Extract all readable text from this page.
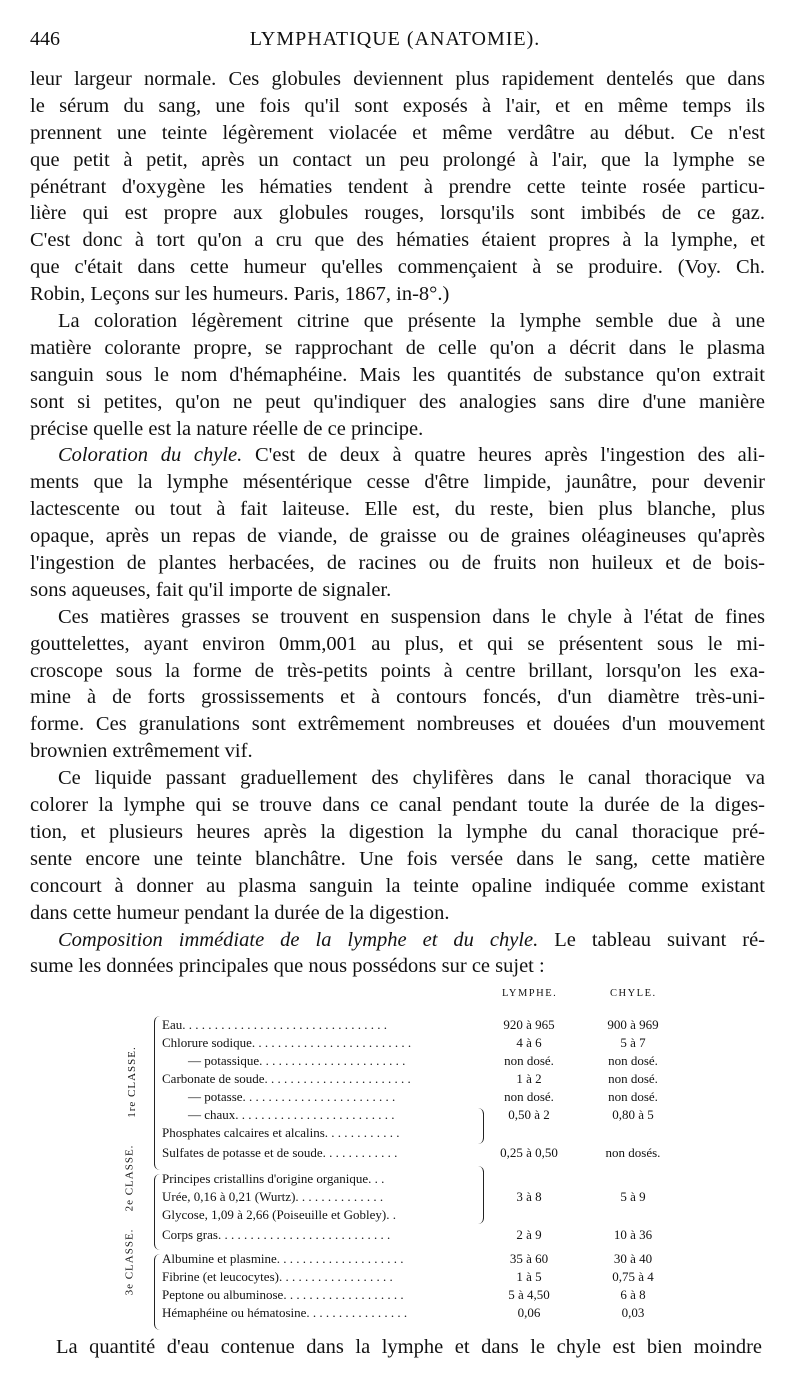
446	LYMPHATIQUE (ANATOMIE).
leur largeur normale. Ces globules deviennent plus rapidement dentelés que dans
le sérum du sang, une fois qu'il sont exposés à l'air, et en même temps ils
prennent une teinte légèrement violacée et même verdâtre au début. Ce n'est
que petit à petit, après un contact un peu prolongé à l'air, que la lymphe se
pénétrant d'oxygène les hématies tendent à prendre cette teinte rosée particu-
lière qui est propre aux globules rouges, lorsqu'ils sont imbibés de ce gaz.
C'est donc à tort qu'on a cru que des hématies étaient propres à la lymphe, et
que c'était dans cette humeur qu'elles commençaient à se produire. (Voy. Ch.
Robin, Leçons sur les humeurs. Paris, 1867, in-8°.)
La coloration légèrement citrine que présente la lymphe semble due à une
matière colorante propre, se rapprochant de celle qu'on a décrit dans le plasma
sanguin sous le nom d'hémaphéine. Mais les quantités de substance qu'on extrait
sont si petites, qu'on ne peut qu'indiquer des analogies sans dire d'une manière
précise quelle est la nature réelle de ce principe.
Coloration du chyle. C'est de deux à quatre heures après l'ingestion des ali-
ments que la lymphe mésentérique cesse d'être limpide, jaunâtre, pour devenir
lactescente ou tout à fait laiteuse. Elle est, du reste, bien plus blanche, plus
opaque, après un repas de viande, de graisse ou de graines oléagineuses qu'après
l'ingestion de plantes herbacées, de racines ou de fruits non huileux et de bois-
sons aqueuses, fait qu'il importe de signaler.
Ces matières grasses se trouvent en suspension dans le chyle à l'état de fines
gouttelettes, ayant environ 0mm,001 au plus, et qui se présentent sous le mi-
croscope sous la forme de très-petits points à centre brillant, lorsqu'on les exa-
mine à de forts grossissements et à contours foncés, d'un diamètre très-uni-
forme. Ces granulations sont extrêmement nombreuses et douées d'un mouvement
brownien extrêmement vif.
Ce liquide passant graduellement des chylifères dans le canal thoracique va
colorer la lymphe qui se trouve dans ce canal pendant toute la durée de la diges-
tion, et plusieurs heures après la digestion la lymphe du canal thoracique pré-
sente encore une teinte blanchâtre. Une fois versée dans le sang, cette matière
concourt à donner au plasma sanguin la teinte opaline indiquée comme existant
dans cette humeur pendant la durée de la digestion.
Composition immédiate de la lymphe et du chyle. Le tableau suivant ré-
sume les données principales que nous possédons sur ce sujet :
LYMPHE.	CHYLE.
1re CLASSE.
2e CLASSE.
3e CLASSE.
Eau. . . . . . . . . . . . . . . . . . . . . . . . . . . . . . . .	920 à 965	900 à 969
Chlorure sodique. . . . . . . . . . . . . . . . . . . . . . . . .	4 à 6	5 à 7
— potassique. . . . . . . . . . . . . . . . . . . . . . .	non dosé.	non dosé.
Carbonate de soude. . . . . . . . . . . . . . . . . . . . . . .	1 à 2	non dosé.
— potasse. . . . . . . . . . . . . . . . . . . . . . . .	non dosé.	non dosé.
— chaux. . . . . . . . . . . . . . . . . . . . . . . . .	0,50 à 2	0,80 à 5
Phosphates calcaires et alcalins. . . . . . . . . . . .
Sulfates de potasse et de soude. . . . . . . . . . . .	0,25 à 0,50	non dosés.
Principes cristallins d'origine organique. . .
Urée, 0,16 à 0,21 (Wurtz). . . . . . . . . . . . . .	3 à 8	5 à 9
Glycose, 1,09 à 2,66 (Poiseuille et Gobley). .
Corps gras. . . . . . . . . . . . . . . . . . . . . . . . . . .	2 à 9	10 à 36
Albumine et plasmine. . . . . . . . . . . . . . . . . . . .	35 à 60	30 à 40
Fibrine (et leucocytes). . . . . . . . . . . . . . . . . .	1 à 5	0,75 à 4
Peptone ou albuminose. . . . . . . . . . . . . . . . . . .	5 à 4,50	6 à 8
Hémaphéine ou hématosine. . . . . . . . . . . . . . . .	0,06	0,03
La quantité d'eau contenue dans la lymphe et dans le chyle est bien moindre
